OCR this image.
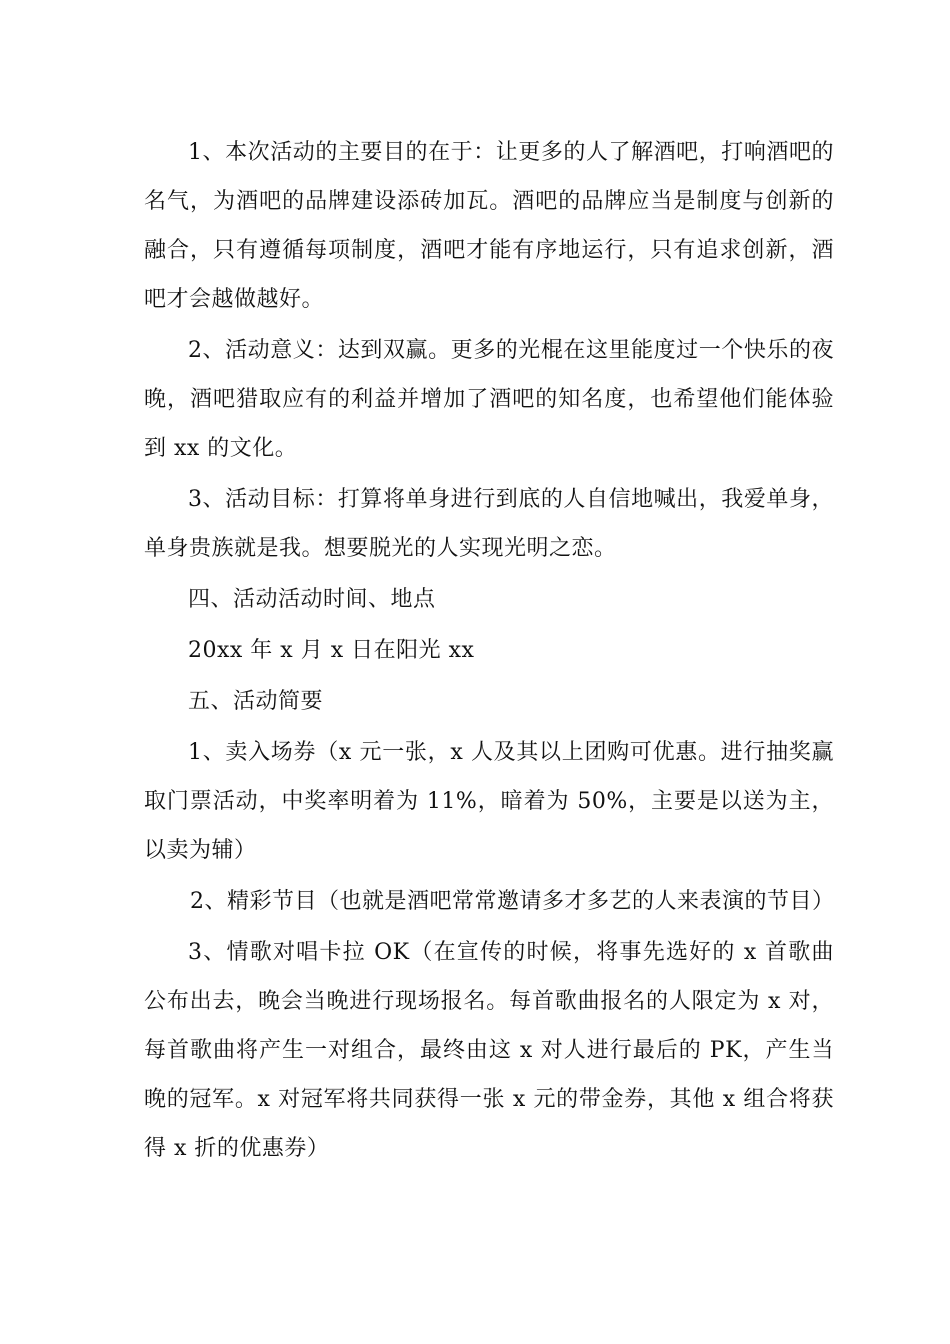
1、本次活动的主要目的在于：让更多的人了解酒吧，打响酒吧的名气，为酒吧的品牌建设添砖加瓦。酒吧的品牌应当是制度与创新的融合，只有遵循每项制度，酒吧才能有序地运行，只有追求创新，酒吧才会越做越好。

2、活动意义：达到双赢。更多的光棍在这里能度过一个快乐的夜晚，酒吧猎取应有的利益并增加了酒吧的知名度，也希望他们能体验到 xx 的文化。

3、活动目标：打算将单身进行到底的人自信地喊出，我爱单身，单身贵族就是我。想要脱光的人实现光明之恋。

四、活动活动时间、地点

20xx 年 x 月 x 日在阳光 xx

五、活动简要

1、卖入场券（x 元一张，x 人及其以上团购可优惠。进行抽奖赢取门票活动，中奖率明着为 11%，暗着为 50%，主要是以送为主，以卖为辅）

2、精彩节目（也就是酒吧常常邀请多才多艺的人来表演的节目）

3、情歌对唱卡拉 OK（在宣传的时候，将事先选好的 x 首歌曲公布出去，晚会当晚进行现场报名。每首歌曲报名的人限定为 x 对，每首歌曲将产生一对组合，最终由这 x 对人进行最后的 PK，产生当晚的冠军。x 对冠军将共同获得一张 x 元的带金券，其他 x 组合将获得 x 折的优惠券）
